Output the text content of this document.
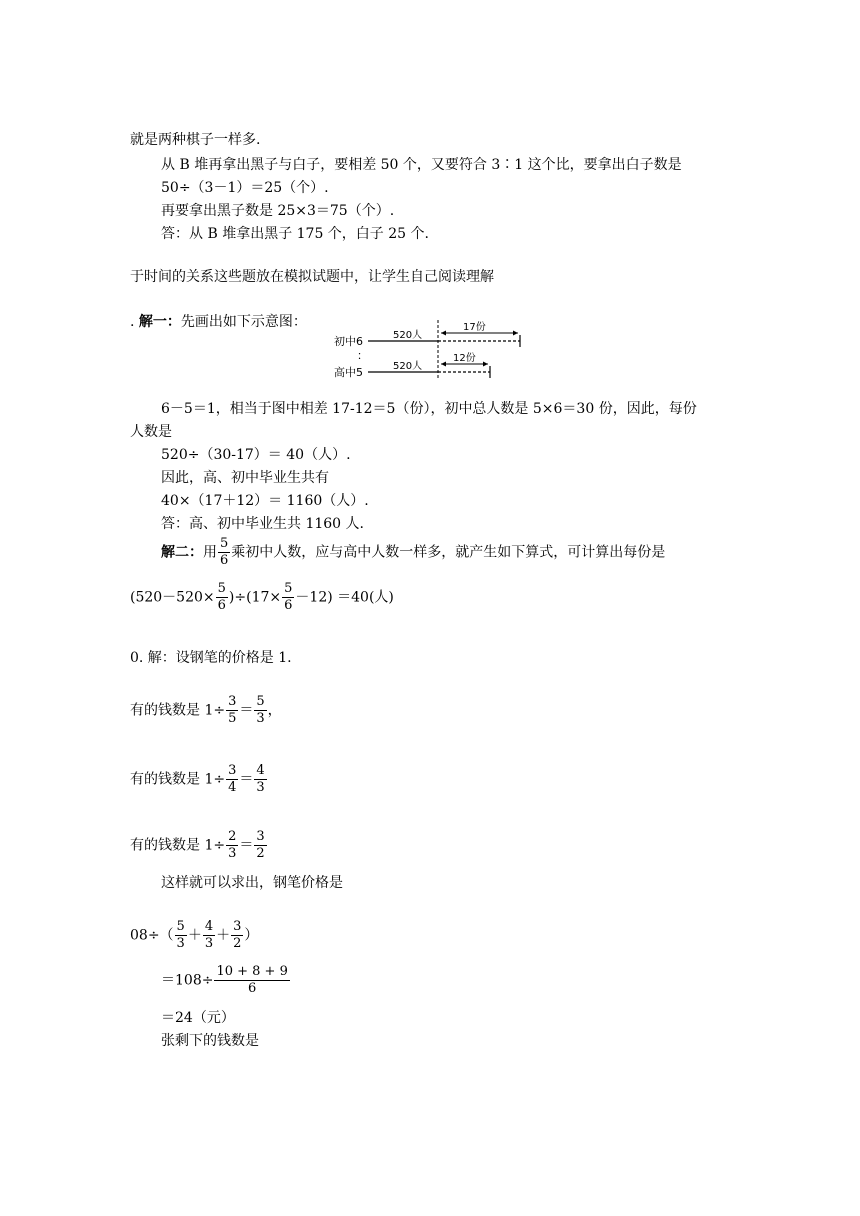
就是两种棋子一样多.
从 B 堆再拿出黑子与白子，要相差 50 个，又要符合 3∶1 这个比，要拿出白子数是
50÷（3－1）＝25（个）.
再要拿出黑子数是 25×3＝75（个）.
答：从 B 堆拿出黑子 175 个，白子 25 个.
于时间的关系这些题放在模拟试题中，让学生自己阅读理解
. 解一：先画出如下示意图：
初中6
：
高中5
520人
520人
17份
12份
6－5＝1，相当于图中相差 17-12＝5（份），初中总人数是 5×6＝30 份，因此，每份
人数是
520÷（30-17）＝ 40（人）.
因此，高、初中毕业生共有
40×（17＋12）＝ 1160（人）.
答：高、初中毕业生共 1160 人.
解二：用 $\frac{5}{6}$ 乘初中人数，应与高中人数一样多，就产生如下算式，可计算出每份是
$(520-520\times \frac{5}{6} )\div(17\times \frac{5}{6} -12) =40$(人)
0. 解：设钢笔的价格是 1.
有的钱数是 $1\div \frac{3}{5} = \frac{5}{3}$ ，
有的钱数是 $1\div \frac{3}{4} = \frac{4}{3}$
有的钱数是 $1\div \frac{2}{3} = \frac{3}{2}$
这样就可以求出，钢笔价格是
$08\div( \frac{5}{3} + \frac{4}{3} + \frac{3}{2}$ ）
$=108\div \frac{10 + 8 + 9}{6}$
＝24（元）
张剩下的钱数是
